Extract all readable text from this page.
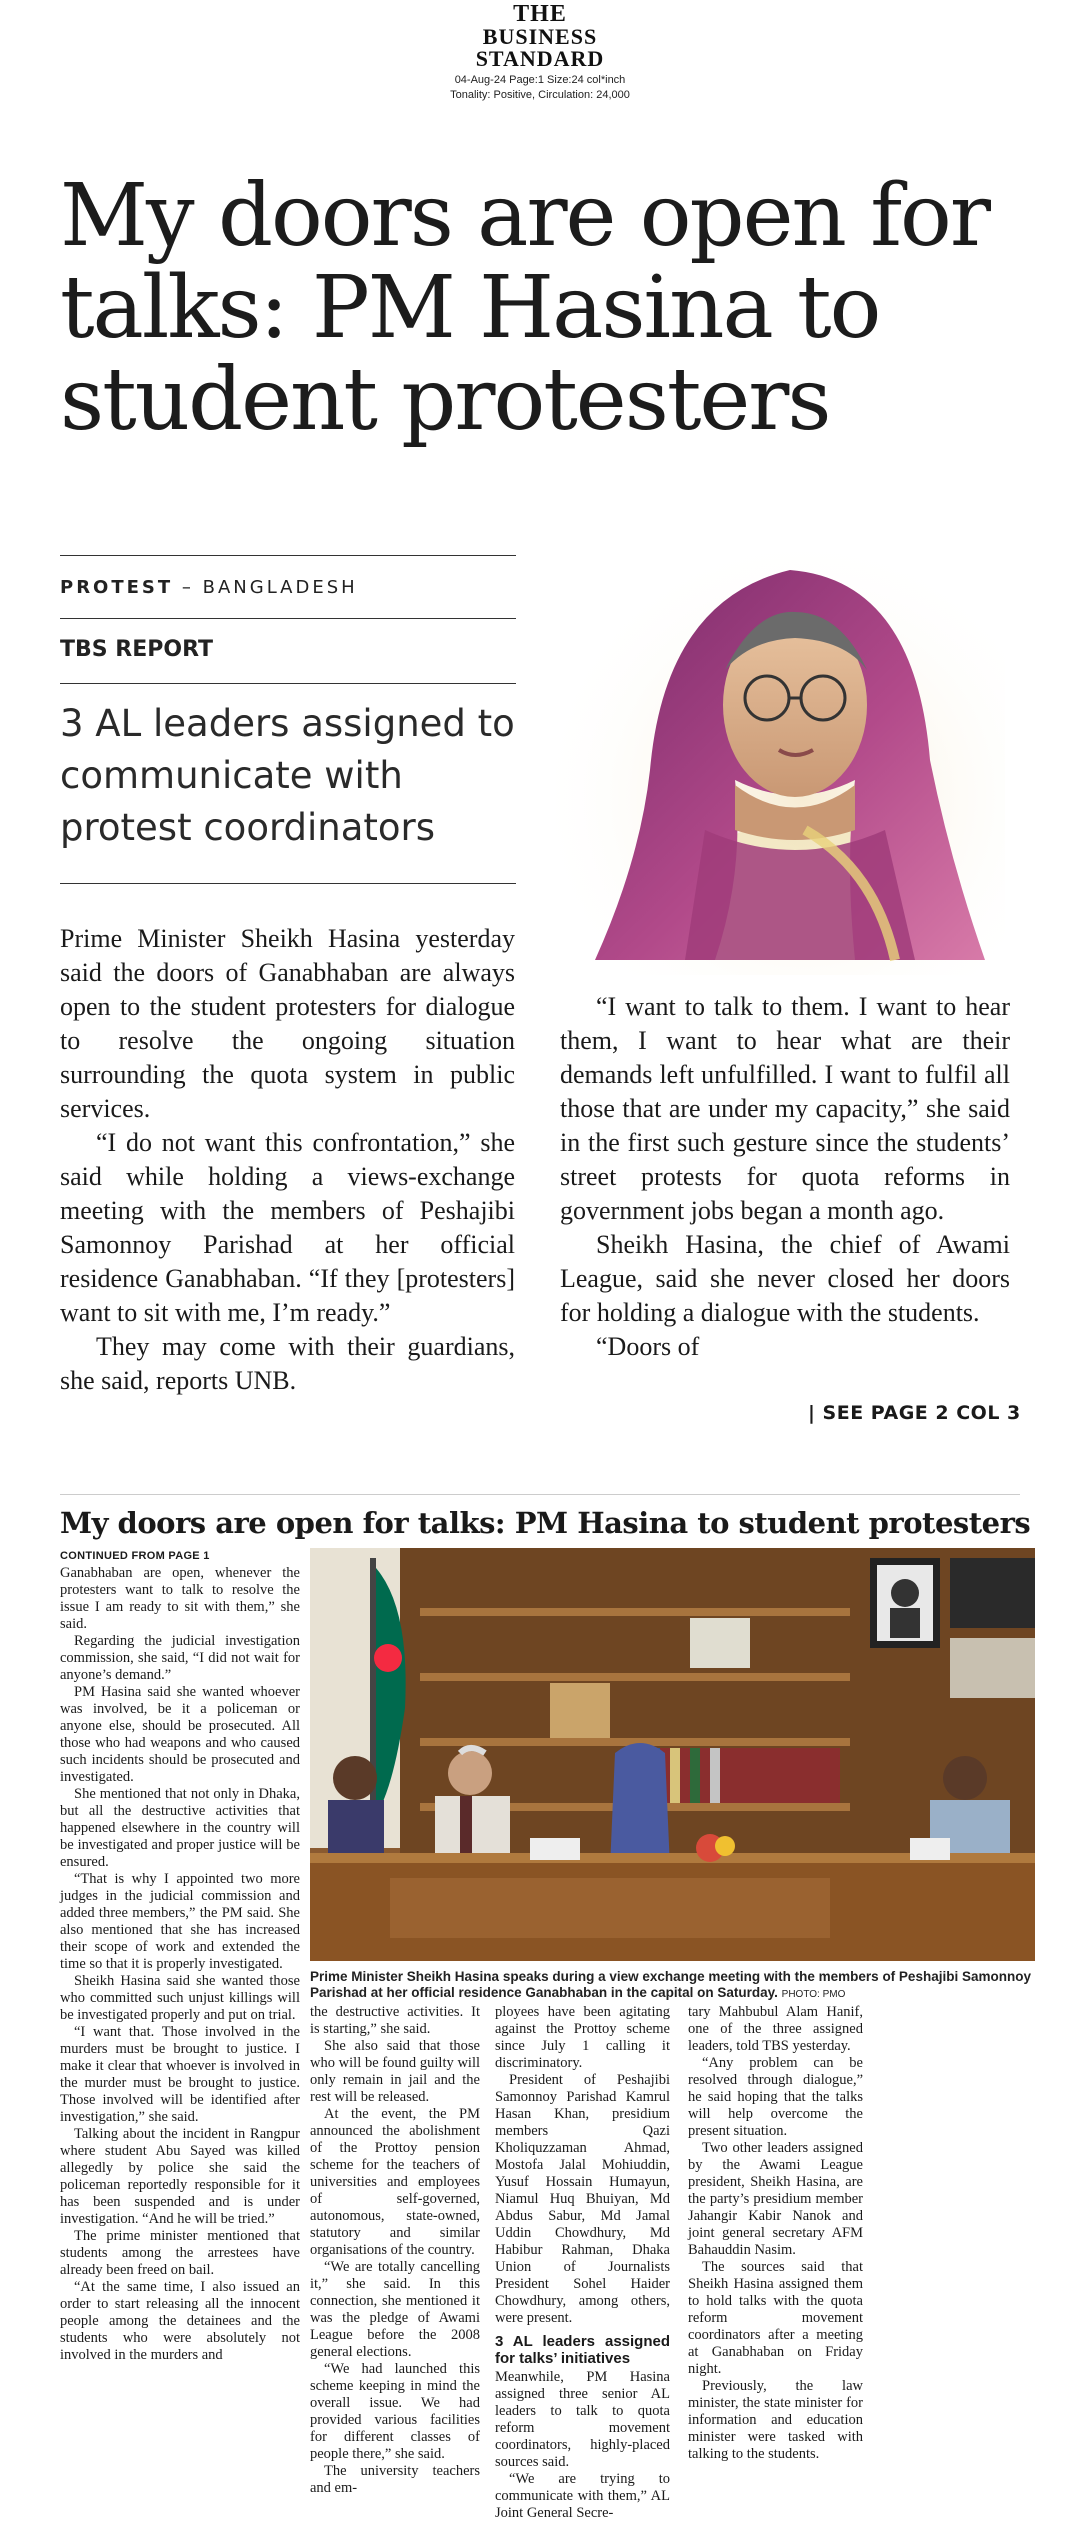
THE
BUSINESS
STANDARD
04-Aug-24 Page:1 Size:24 col*inch
Tonality: Positive, Circulation: 24,000
My doors are open for talks: PM Hasina to student protesters
PROTEST – BANGLADESH
TBS REPORT
3 AL leaders assigned to communicate with protest coordinators

Prime Minister Sheikh Hasina yesterday said the doors of Ganabhaban are always open to the student protesters for dialogue to resolve the ongoing situation surrounding the quota system in public services.

“I do not want this confrontation,” she said while holding a views-exchange meeting with the members of Peshajibi Samonnoy Parishad at her official residence Ganabhaban. “If they [protesters] want to sit with me, I’m ready.”

They may come with their guardians, she said, reports UNB.

“I want to talk to them. I want to hear them, I want to hear what are their demands left unfulfilled. I want to fulfil all those that are under my capacity,” she said in the first such gesture since the students’ street protests for quota reforms in government jobs began a month ago.

Sheikh Hasina, the chief of Awami League, said she never closed her doors for holding a dialogue with the students.

“Doors of

| SEE PAGE 2 COL 3
My doors are open for talks: PM Hasina to student protesters
CONTINUED FROM PAGE 1

Ganabhaban are open, whenever the protesters want to talk to resolve the issue I am ready to sit with them,” she said.

Regarding the judicial investigation commission, she said, “I did not wait for anyone’s demand.”

PM Hasina said she wanted whoever was involved, be it a policeman or anyone else, should be prosecuted. All those who had weapons and who caused such incidents should be prosecuted and investigated.

She mentioned that not only in Dhaka, but all the destructive activities that happened elsewhere in the country will be investigated and proper justice will be ensured.

“That is why I appointed two more judges in the judicial commission and added three members,” the PM said. She also mentioned that she has increased their scope of work and extended the time so that it is properly investigated.

Sheikh Hasina said she wanted those who committed such unjust killings will be investigated properly and put on trial.

“I want that. Those involved in the murders must be brought to justice. I make it clear that whoever is involved in the murder must be brought to justice. Those involved will be identified after investigation,” she said.

Talking about the incident in Rangpur where student Abu Sayed was killed allegedly by police she said the policeman reportedly responsible for it has been suspended and is under investigation. “And he will be tried.”

The prime minister mentioned that students among the arrestees have already been freed on bail.

“At the same time, I also issued an order to start releasing all the innocent people among the detainees and the students who were absolutely not involved in the murders and

Prime Minister Sheikh Hasina speaks during a view exchange meeting with the members of Peshajibi Samonnoy Parishad at her official residence Ganabhaban in the capital on Saturday. PHOTO: PMO

the destructive activities. It is starting,” she said.

She also said that those who will be found guilty will only remain in jail and the rest will be released.

At the event, the PM announced the abolishment of the Prottoy pension scheme for the teachers of universities and employees of self-governed, autonomous, state-owned, statutory and similar organisations of the country.

“We are totally cancelling it,” she said. In this connection, she mentioned it was the pledge of Awami League before the 2008 general elections.

“We had launched this scheme keeping in mind the overall issue. We had provided various facilities for different classes of people there,” she said.

The university teachers and em-

ployees have been agitating against the Prottoy scheme since July 1 calling it discriminatory.

President of Peshajibi Samonnoy Parishad Kamrul Hasan Khan, presidium members Qazi Kholiquzzaman Ahmad, Mostofa Jalal Mohiuddin, Yusuf Hossain Humayun, Niamul Huq Bhuiyan, Md Abdus Sabur, Md Jamal Uddin Chowdhury, Md Habibur Rahman, Dhaka Union of Journalists President Sohel Haider Chowdhury, among others, were present.

3 AL leaders assigned for talks’ initiatives

Meanwhile, PM Hasina assigned three senior AL leaders to talk to quota reform movement coordinators, highly-placed sources said.

“We are trying to communicate with them,” AL Joint General Secre-

tary Mahbubul Alam Hanif, one of the three assigned leaders, told TBS yesterday.

“Any problem can be resolved through dialogue,” he said hoping that the talks will help overcome the present situation.

Two other leaders assigned by the Awami League president, Sheikh Hasina, are the party’s presidium member Jahangir Kabir Nanok and joint general secretary AFM Bahauddin Nasim.

The sources said that Sheikh Hasina assigned them to hold talks with the quota reform movement coordinators after a meeting at Ganabhaban on Friday night.

Previously, the law minister, the state minister for information and education minister were tasked with talking to the students.
